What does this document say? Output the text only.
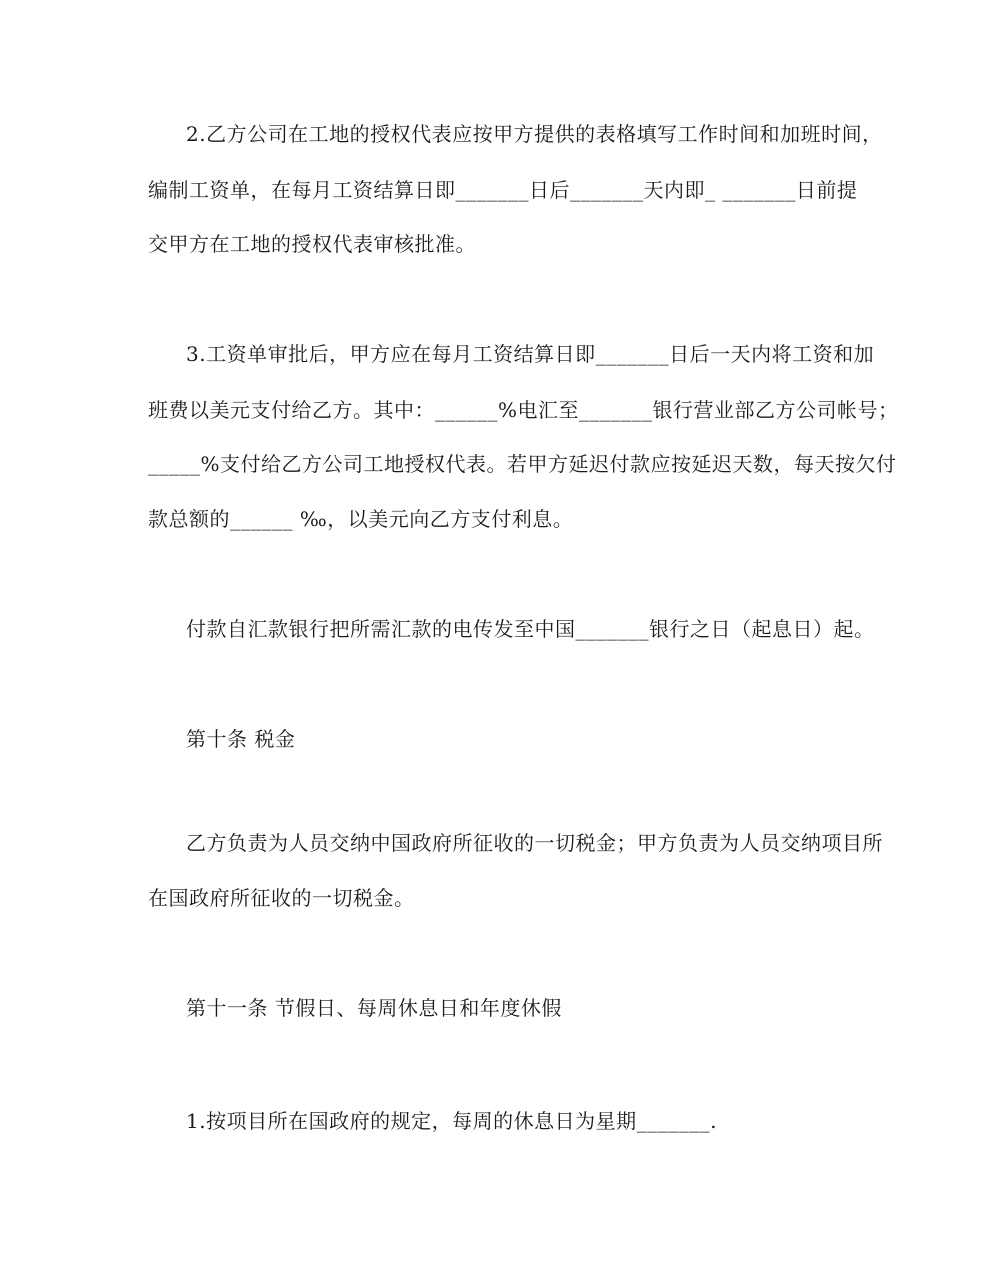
2.乙方公司在工地的授权代表应按甲方提供的表格填写工作时间和加班时间，
编制工资单，在每月工资结算日即_______日后_______天内即_ _______日前提
交甲方在工地的授权代表审核批准。
3.工资单审批后，甲方应在每月工资结算日即_______日后一天内将工资和加
班费以美元支付给乙方。其中：______%电汇至_______银行营业部乙方公司帐号；
_____%支付给乙方公司工地授权代表。若甲方延迟付款应按延迟天数，每天按欠付
款总额的______ ‰，以美元向乙方支付利息。
付款自汇款银行把所需汇款的电传发至中国_______银行之日（起息日）起。
第十条 税金
乙方负责为人员交纳中国政府所征收的一切税金；甲方负责为人员交纳项目所
在国政府所征收的一切税金。
第十一条 节假日、每周休息日和年度休假
1.按项目所在国政府的规定，每周的休息日为星期_______.
